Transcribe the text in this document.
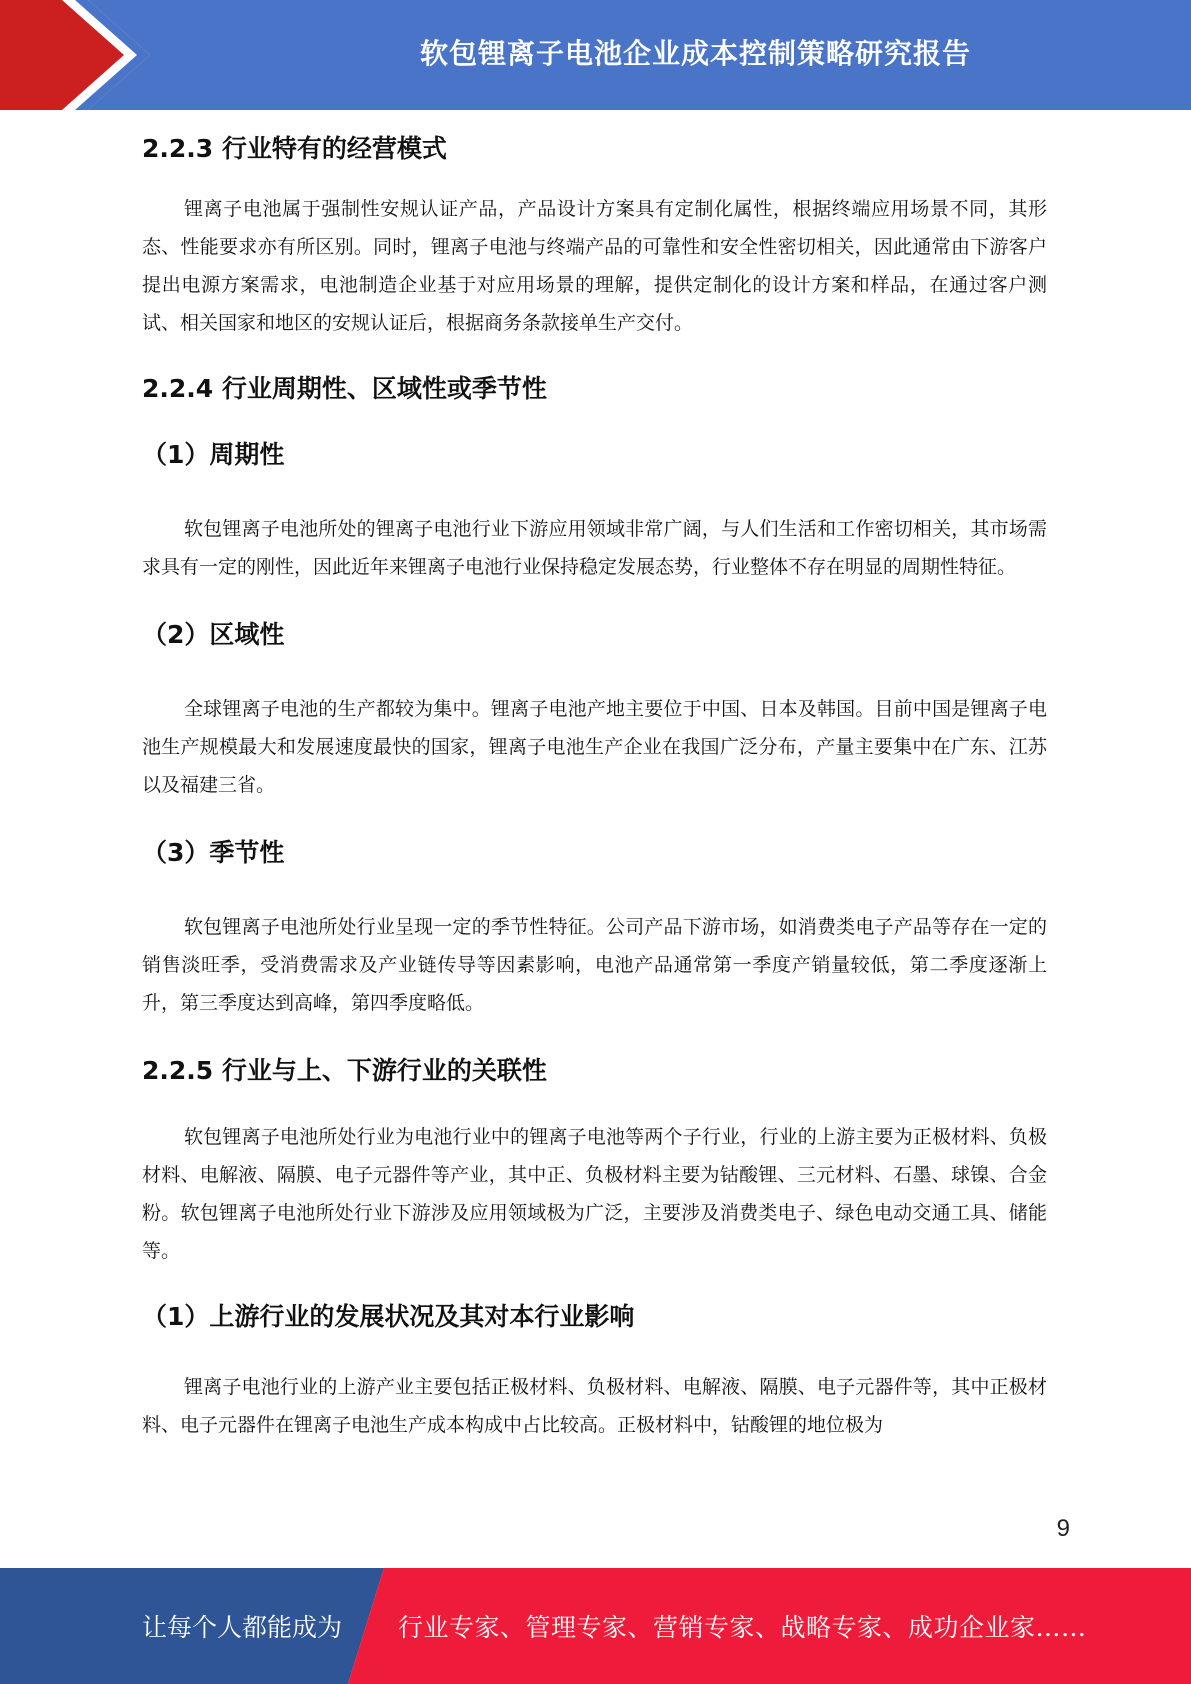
软包锂离子电池企业成本控制策略研究报告
2.2.3 行业特有的经营模式

锂离子电池属于强制性安规认证产品，产品设计方案具有定制化属性，根据终端应用场景不同，其形态、性能要求亦有所区别。同时，锂离子电池与终端产品的可靠性和安全性密切相关，因此通常由下游客户提出电源方案需求，电池制造企业基于对应用场景的理解，提供定制化的设计方案和样品，在通过客户测试、相关国家和地区的安规认证后，根据商务条款接单生产交付。

2.2.4 行业周期性、区域性或季节性
（1）周期性

软包锂离子电池所处的锂离子电池行业下游应用领域非常广阔，与人们生活和工作密切相关，其市场需求具有一定的刚性，因此近年来锂离子电池行业保持稳定发展态势，行业整体不存在明显的周期性特征。

（2）区域性

全球锂离子电池的生产都较为集中。锂离子电池产地主要位于中国、日本及韩国。目前中国是锂离子电池生产规模最大和发展速度最快的国家，锂离子电池生产企业在我国广泛分布，产量主要集中在广东、江苏以及福建三省。

（3）季节性

软包锂离子电池所处行业呈现一定的季节性特征。公司产品下游市场，如消费类电子产品等存在一定的销售淡旺季，受消费需求及产业链传导等因素影响，电池产品通常第一季度产销量较低，第二季度逐渐上升，第三季度达到高峰，第四季度略低。

2.2.5 行业与上、下游行业的关联性

软包锂离子电池所处行业为电池行业中的锂离子电池等两个子行业，行业的上游主要为正极材料、负极材料、电解液、隔膜、电子元器件等产业，其中正、负极材料主要为钴酸锂、三元材料、石墨、球镍、合金粉。软包锂离子电池所处行业下游涉及应用领域极为广泛，主要涉及消费类电子、绿色电动交通工具、储能等。

（1）上游行业的发展状况及其对本行业影响

锂离子电池行业的上游产业主要包括正极材料、负极材料、电解液、隔膜、电子元器件等，其中正极材料、电子元器件在锂离子电池生产成本构成中占比较高。正极材料中，钴酸锂的地位极为

9
让每个人都能成为 行业专家、管理专家、营销专家、战略专家、成功企业家……
